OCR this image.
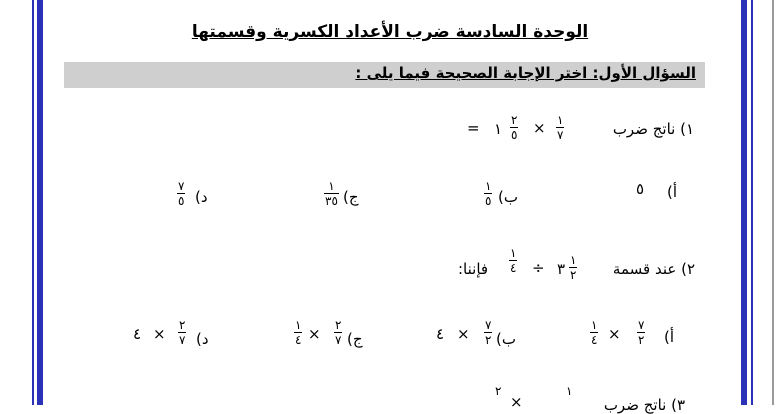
الوحدة السادسة ضرب الأعداد الكسرية وقسمتها
السؤال الأول: اختر الإجابة الصحيحة فيما يلى :
١) ناتج ضرب
١
٧
×
٢
٥
١
=
أ)
٥
ب)
١
٥
ج)
١
٣٥
د)
٧
٥
٢) عند قسمة
١
٢
٣
÷
١
٤
فإننا:
أ)
٧
٢
×
١
٤
ب)
٧
٢
×
٤
ج)
٢
٧
×
١
٤
د)
٢
٧
×
٤
٣) ناتج ضرب
١
×
٢
